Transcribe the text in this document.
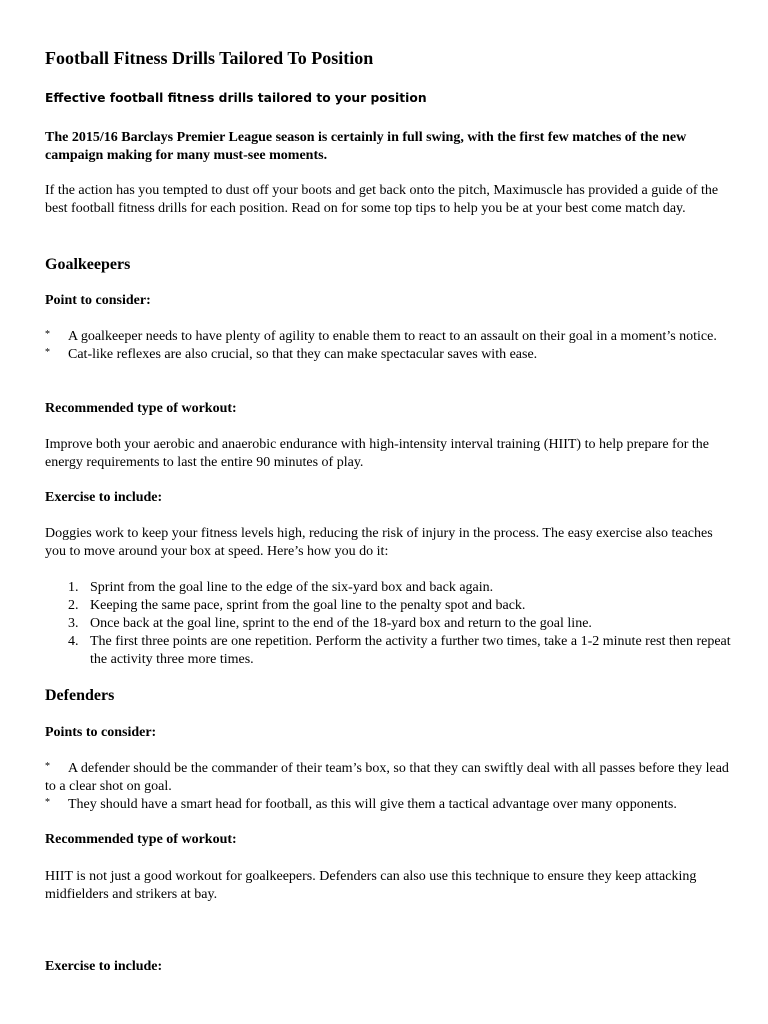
Football Fitness Drills Tailored To Position

Effective football fitness drills tailored to your position

The 2015/16 Barclays Premier League season is certainly in full swing, with the first few matches of the new campaign making for many must-see moments.

If the action has you tempted to dust off your boots and get back onto the pitch, Maximuscle has provided a guide of the best football fitness drills for each position. Read on for some top tips to help you be at your best come match day.

Goalkeepers
Point to consider:
* A goalkeeper needs to have plenty of agility to enable them to react to an assault on their goal in a moment’s notice.
* Cat-like reflexes are also crucial, so that they can make spectacular saves with ease.
Recommended type of workout:

Improve both your aerobic and anaerobic endurance with high-intensity interval training (HIIT) to help prepare for the energy requirements to last the entire 90 minutes of play.

Exercise to include:

Doggies work to keep your fitness levels high, reducing the risk of injury in the process. The easy exercise also teaches you to move around your box at speed. Here’s how you do it:

1. Sprint from the goal line to the edge of the six-yard box and back again.
2. Keeping the same pace, sprint from the goal line to the penalty spot and back.
3. Once back at the goal line, sprint to the end of the 18-yard box and return to the goal line.
4. The first three points are one repetition. Perform the activity a further two times, take a 1-2 minute rest then repeat the activity three more times.
Defenders
Points to consider:
* A defender should be the commander of their team’s box, so that they can swiftly deal with all passes before they lead to a clear shot on goal.
* They should have a smart head for football, as this will give them a tactical advantage over many opponents.
Recommended type of workout:

HIIT is not just a good workout for goalkeepers. Defenders can also use this technique to ensure they keep attacking midfielders and strikers at bay.

Exercise to include:
